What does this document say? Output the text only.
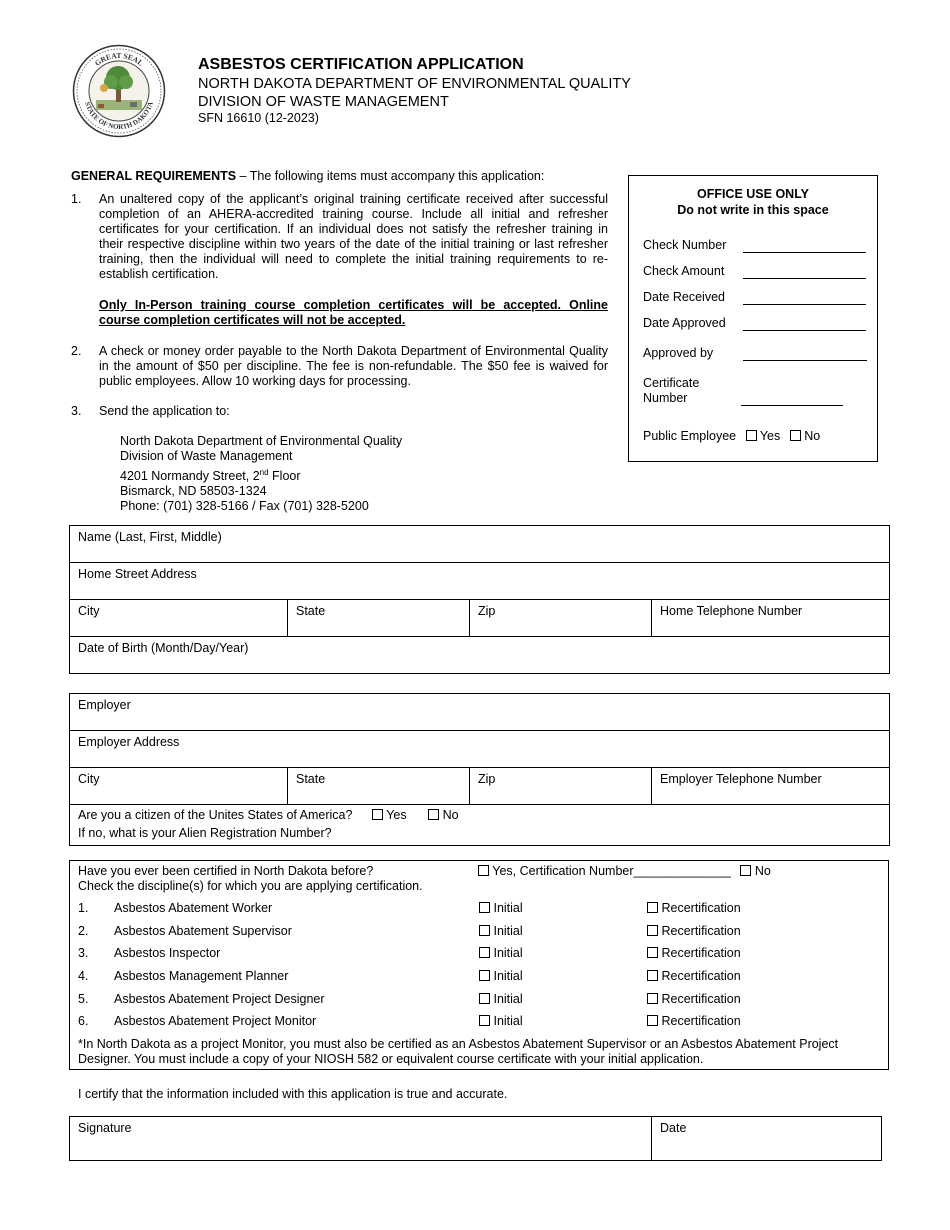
GREAT SEAL
STATE OF NORTH DAKOTA
ASBESTOS CERTIFICATION APPLICATION
NORTH DAKOTA DEPARTMENT OF ENVIRONMENTAL QUALITY
DIVISION OF WASTE MANAGEMENT
SFN 16610 (12-2023)
GENERAL REQUIREMENTS – The following items must accompany this application:
1. An unaltered copy of the applicant’s original training certificate received after successful completion of an AHERA-accredited training course. Include all initial and refresher certificates for your certification. If an individual does not satisfy the refresher training in their respective discipline within two years of the date of the initial training or last refresher training, then the individual will need to complete the initial training requirements to re-establish certification.
Only In-Person training course completion certificates will be accepted. Online course completion certificates will not be accepted.
2. A check or money order payable to the North Dakota Department of Environmental Quality in the amount of $50 per discipline. The fee is non-refundable. The $50 fee is waived for public employees. Allow 10 working days for processing.
3. Send the application to:
North Dakota Department of Environmental Quality
Division of Waste Management
4201 Normandy Street, 2nd Floor
Bismarck, ND 58503-1324
Phone: (701) 328-5166 / Fax (701) 328-5200
OFFICE USE ONLY
Do not write in this space
Check Number
Check Amount
Date Received
Date Approved
Approved by
Certificate
Number
Public Employee Yes No
Name (Last, First, Middle)
Home Street Address
City	State	Zip	Home Telephone Number
Date of Birth (Month/Day/Year)
Employer
Employer Address
City	State	Zip	Employer Telephone Number

Are you a citizen of the Unites States of America?	Yes	No
If no, what is your Alien Registration Number?
Have you ever been certified in North Dakota before?
Check the discipline(s) for which you are applying certification.
Yes, Certification Number______________ No
1. Asbestos Abatement Worker	Initial	Recertification
2. Asbestos Abatement Supervisor	Initial	Recertification
3. Asbestos Inspector	Initial	Recertification
4. Asbestos Management Planner	Initial	Recertification
5. Asbestos Abatement Project Designer	Initial	Recertification
6. Asbestos Abatement Project Monitor	Initial	Recertification
*In North Dakota as a project Monitor, you must also be certified as an Asbestos Abatement Supervisor or an Asbestos Abatement Project Designer. You must include a copy of your NIOSH 582 or equivalent course certificate with your initial application.
I certify that the information included with this application is true and accurate.
Signature	Date
